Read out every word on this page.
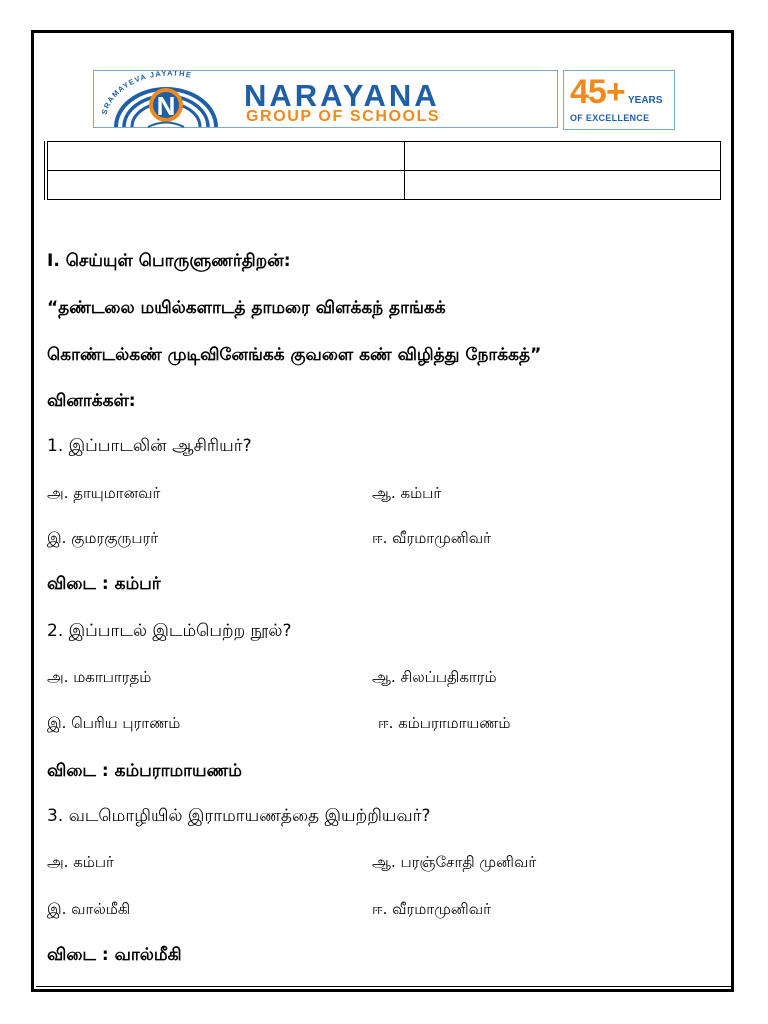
SRAMAYEVA JAYATHE
N NARAYANA
GROUP OF SCHOOLS
45+ YEARS
OF EXCELLENCE

I. செய்யுள் பொருளுணர்திறன்:
“தண்டலை மயில்களாடத் தாமரை விளக்கந் தாங்கக்
கொண்டல்கண் முடிவினேங்கக் குவளை கண் விழித்து நோக்கத்”
வினாக்கள்:
1. இப்பாடலின் ஆசிரியர்?
அ. தாயுமானவர்	ஆ. கம்பர்
இ. குமரகுருபரர்	ஈ. வீரமாமுனிவர்
விடை : கம்பர்
2. இப்பாடல் இடம்பெற்ற நூல்?
அ. மகாபாரதம்	ஆ. சிலப்பதிகாரம்
இ. பெரிய புராணம்	ஈ. கம்பராமாயணம்
விடை : கம்பராமாயணம்
3. வடமொழியில் இராமாயணத்தை இயற்றியவர்?
அ. கம்பர்	ஆ. பரஞ்சோதி முனிவர்
இ. வால்மீகி	ஈ. வீரமாமுனிவர்
விடை : வால்மீகி
